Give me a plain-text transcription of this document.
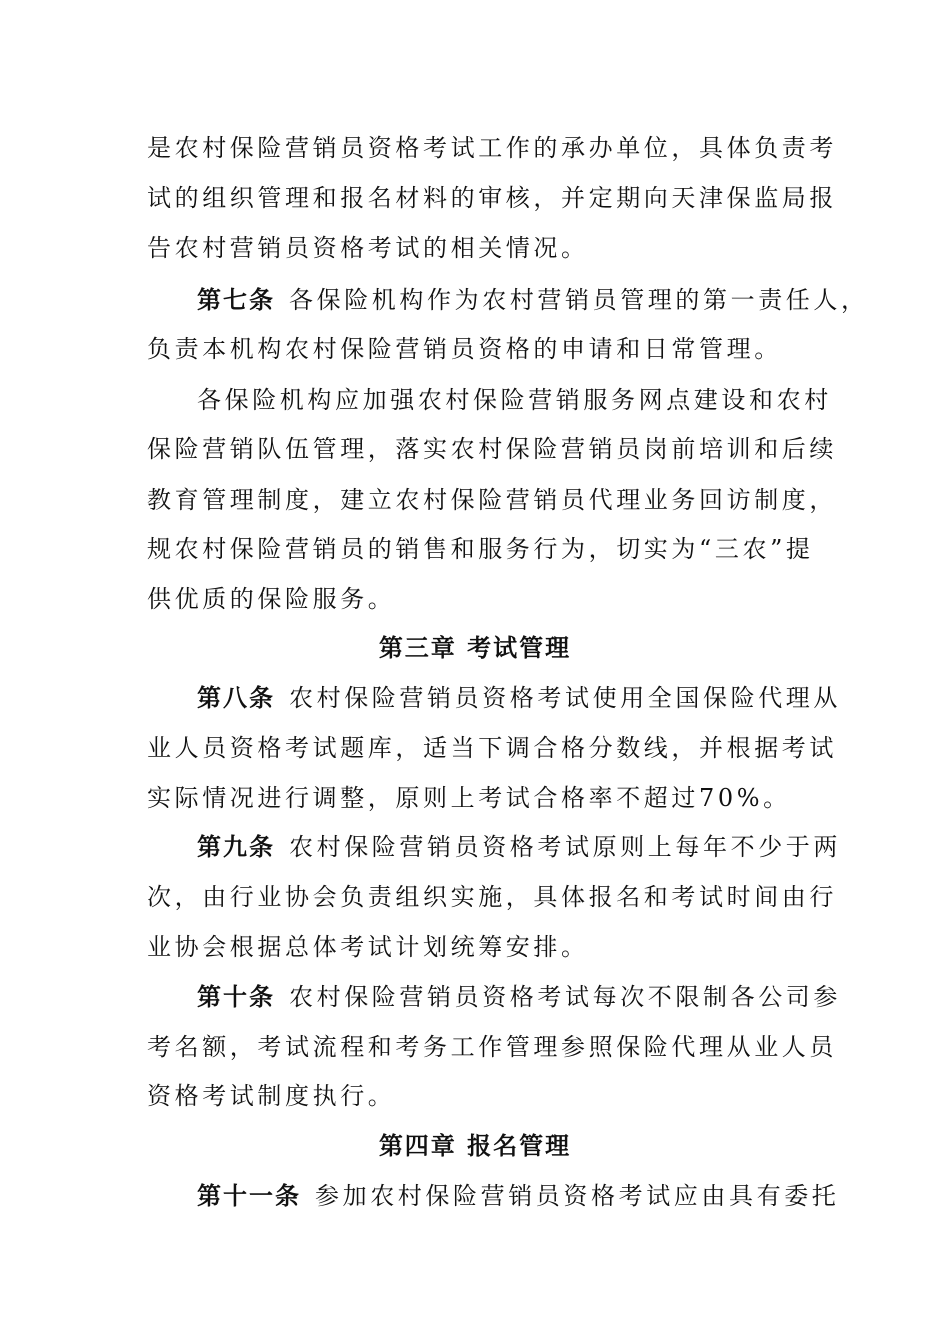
是农村保险营销员资格考试工作的承办单位，具体负责考
试的组织管理和报名材料的审核，并定期向天津保监局报
告农村营销员资格考试的相关情况。
第七条 各保险机构作为农村营销员管理的第一责任人，
负责本机构农村保险营销员资格的申请和日常管理。
各保险机构应加强农村保险营销服务网点建设和农村
保险营销队伍管理，落实农村保险营销员岗前培训和后续
教育管理制度，建立农村保险营销员代理业务回访制度，
规农村保险营销员的销售和服务行为，切实为“三农”提
供优质的保险服务。
第三章 考试管理
第八条 农村保险营销员资格考试使用全国保险代理从
业人员资格考试题库，适当下调合格分数线，并根据考试
实际情况进行调整，原则上考试合格率不超过70%。
第九条 农村保险营销员资格考试原则上每年不少于两
次，由行业协会负责组织实施，具体报名和考试时间由行
业协会根据总体考试计划统筹安排。
第十条 农村保险营销员资格考试每次不限制各公司参
考名额，考试流程和考务工作管理参照保险代理从业人员
资格考试制度执行。
第四章 报名管理
第十一条 参加农村保险营销员资格考试应由具有委托
